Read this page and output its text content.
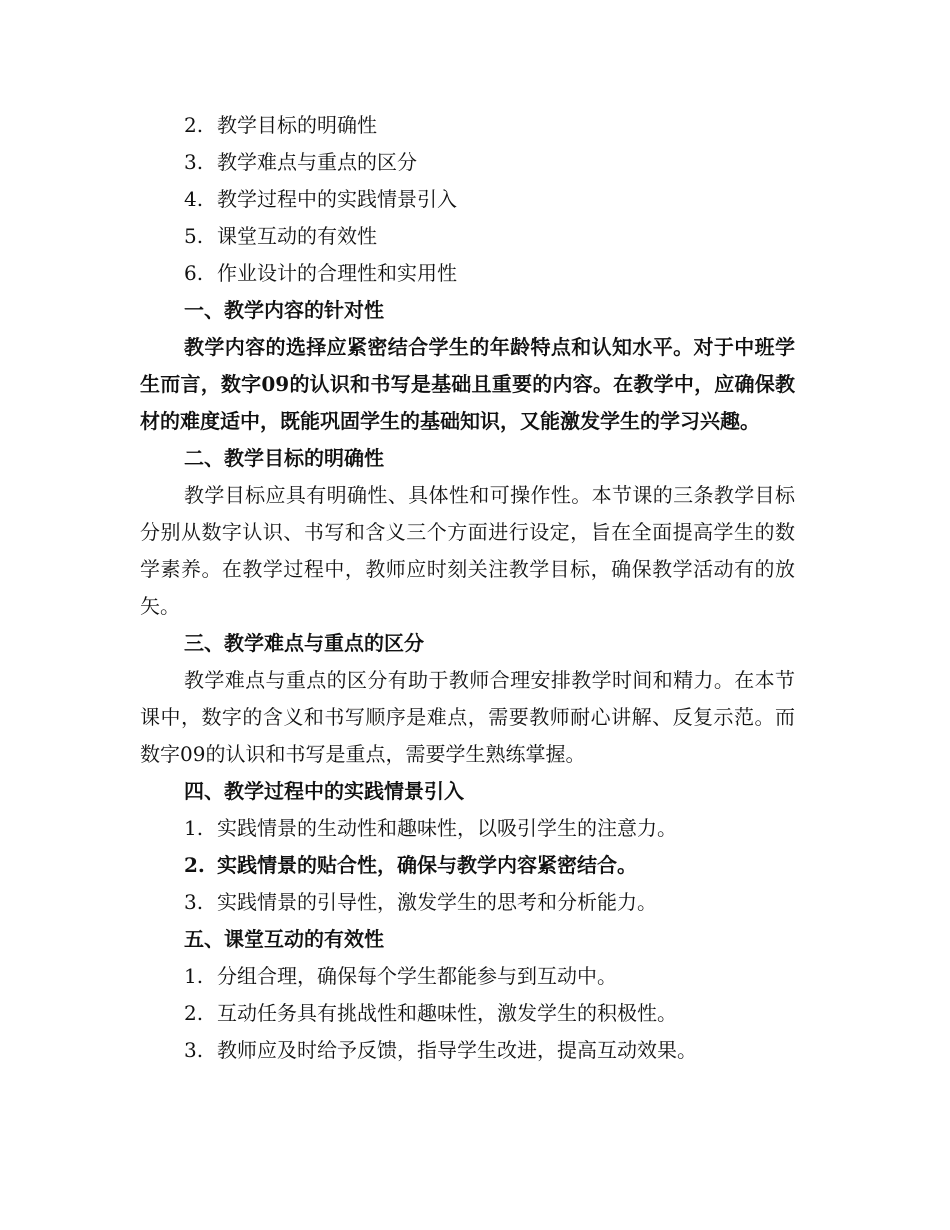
2. 教学目标的明确性
3. 教学难点与重点的区分
4. 教学过程中的实践情景引入
5. 课堂互动的有效性
6. 作业设计的合理性和实用性
一、教学内容的针对性
教学内容的选择应紧密结合学生的年龄特点和认知水平。对于中班学生而言，数字09的认识和书写是基础且重要的内容。在教学中，应确保教材的难度适中，既能巩固学生的基础知识，又能激发学生的学习兴趣。
二、教学目标的明确性
教学目标应具有明确性、具体性和可操作性。本节课的三条教学目标分别从数字认识、书写和含义三个方面进行设定，旨在全面提高学生的数学素养。在教学过程中，教师应时刻关注教学目标，确保教学活动有的放矢。
三、教学难点与重点的区分
教学难点与重点的区分有助于教师合理安排教学时间和精力。在本节课中，数字的含义和书写顺序是难点，需要教师耐心讲解、反复示范。而数字09的认识和书写是重点，需要学生熟练掌握。
四、教学过程中的实践情景引入
1. 实践情景的生动性和趣味性，以吸引学生的注意力。
2. 实践情景的贴合性，确保与教学内容紧密结合。
3. 实践情景的引导性，激发学生的思考和分析能力。
五、课堂互动的有效性
1. 分组合理，确保每个学生都能参与到互动中。
2. 互动任务具有挑战性和趣味性，激发学生的积极性。
3. 教师应及时给予反馈，指导学生改进，提高互动效果。
